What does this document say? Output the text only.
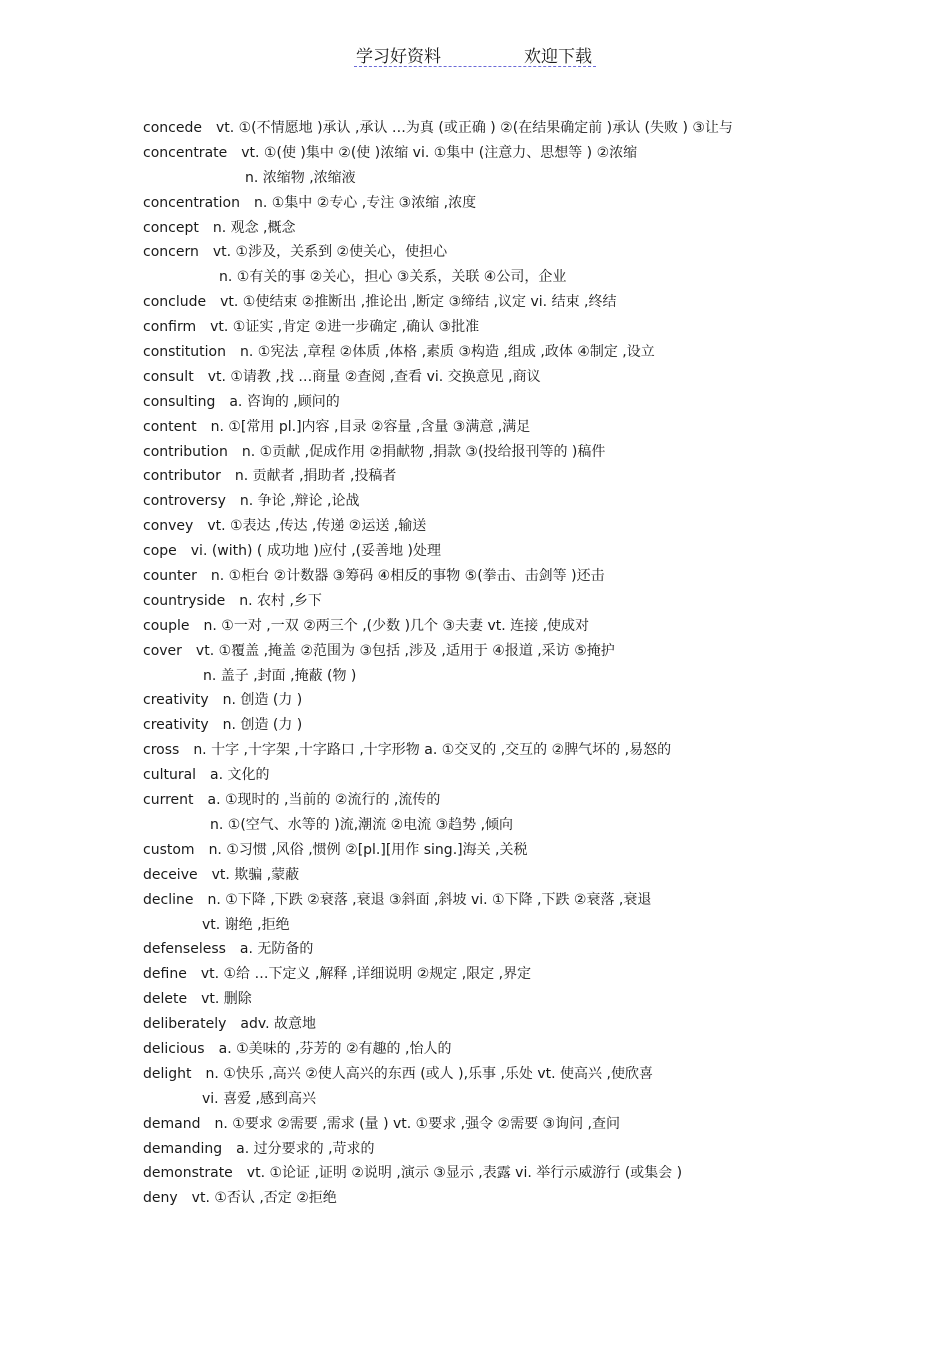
学习好资料	欢迎下载
concede vt. ①(不情愿地 )承认 ,承认 …为真 (或正确 ) ②(在结果确定前 )承认 (失败 ) ③让与
concentrate vt. ①(使 )集中 ②(使 )浓缩 vi. ①集中 (注意力、思想等 ) ②浓缩
n. 浓缩物 ,浓缩液
concentration n. ①集中 ②专心 ,专注 ③浓缩 ,浓度
concept n. 观念 ,概念
concern vt. ①涉及，关系到 ②使关心，使担心
n. ①有关的事 ②关心，担心 ③关系，关联 ④公司，企业
conclude vt. ①使结束 ②推断出 ,推论出 ,断定 ③缔结 ,议定 vi. 结束 ,终结
confirm vt. ①证实 ,肯定 ②进一步确定 ,确认 ③批准
constitution n. ①宪法 ,章程 ②体质 ,体格 ,素质 ③构造 ,组成 ,政体 ④制定 ,设立
consult vt. ①请教 ,找 …商量 ②查阅 ,查看 vi. 交换意见 ,商议
consulting a. 咨询的 ,顾问的
content n. ①[常用 pl.]内容 ,目录 ②容量 ,含量 ③满意 ,满足
contribution n. ①贡献 ,促成作用 ②捐献物 ,捐款 ③(投给报刊等的 )稿件
contributor n. 贡献者 ,捐助者 ,投稿者
controversy n. 争论 ,辩论 ,论战
convey vt. ①表达 ,传达 ,传递 ②运送 ,输送
cope vi. (with) ( 成功地 )应付 ,(妥善地 )处理
counter n. ①柜台 ②计数器 ③筹码 ④相反的事物 ⑤(拳击、击剑等 )还击
countryside n. 农村 ,乡下
couple n. ①一对 ,一双 ②两三个 ,(少数 )几个 ③夫妻 vt. 连接 ,使成对
cover vt. ①覆盖 ,掩盖 ②范围为 ③包括 ,涉及 ,适用于 ④报道 ,采访 ⑤掩护
n. 盖子 ,封面 ,掩蔽 (物 )
creativity n. 创造 (力 )
creativity n. 创造 (力 )
cross n. 十字 ,十字架 ,十字路口 ,十字形物 a. ①交叉的 ,交互的 ②脾气坏的 ,易怒的
cultural a. 文化的
current a. ①现时的 ,当前的 ②流行的 ,流传的
n. ①(空气、水等的 )流,潮流 ②电流 ③趋势 ,倾向
custom n. ①习惯 ,风俗 ,惯例 ②[pl.][用作 sing.]海关 ,关税
deceive vt. 欺骗 ,蒙蔽
decline n. ①下降 ,下跌 ②衰落 ,衰退 ③斜面 ,斜坡 vi. ①下降 ,下跌 ②衰落 ,衰退
vt. 谢绝 ,拒绝
defenseless a. 无防备的
define vt. ①给 …下定义 ,解释 ,详细说明 ②规定 ,限定 ,界定
delete vt. 删除
deliberately adv. 故意地
delicious a. ①美味的 ,芬芳的 ②有趣的 ,怡人的
delight n. ①快乐 ,高兴 ②使人高兴的东西 (或人 ),乐事 ,乐处 vt. 使高兴 ,使欣喜
vi. 喜爱 ,感到高兴
demand n. ①要求 ②需要 ,需求 (量 ) vt. ①要求 ,强令 ②需要 ③询问 ,查问
demanding a. 过分要求的 ,苛求的
demonstrate vt. ①论证 ,证明 ②说明 ,演示 ③显示 ,表露 vi. 举行示威游行 (或集会 )
deny vt. ①否认 ,否定 ②拒绝
